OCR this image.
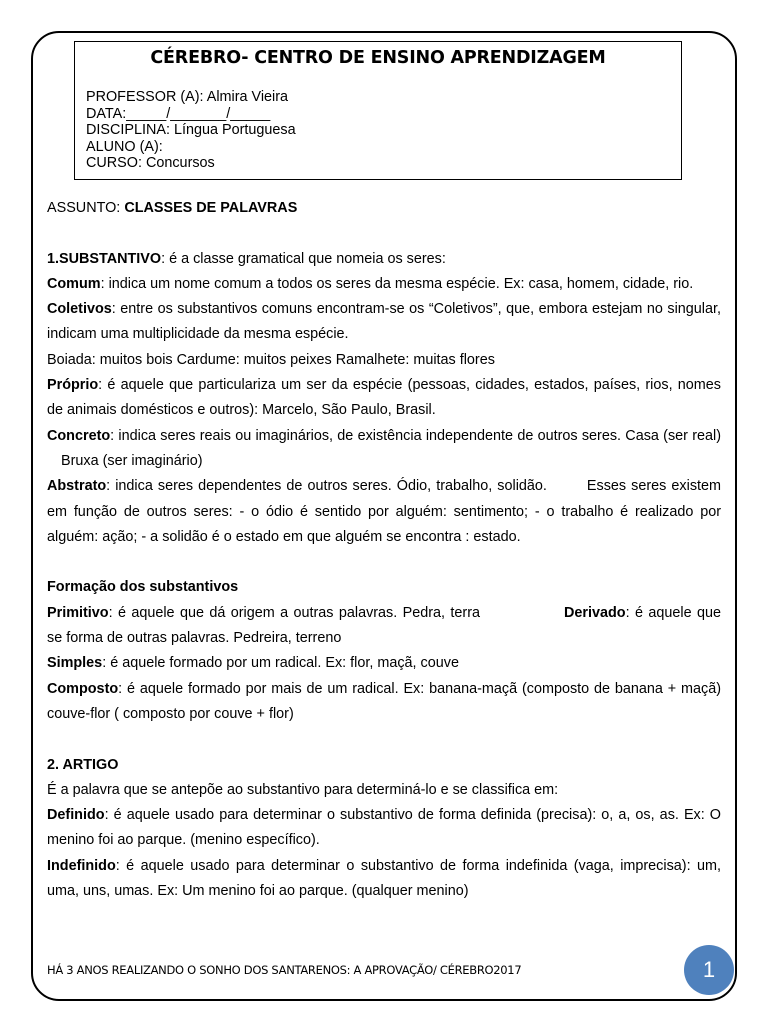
CÉREBRO- CENTRO DE ENSINO APRENDIZAGEM
PROFESSOR (A): Almira Vieira
DATA:_____/_______/_____
DISCIPLINA: Língua Portuguesa
ALUNO (A):
CURSO: Concursos

ASSUNTO: CLASSES DE PALAVRAS

1.SUBSTANTIVO: é a classe gramatical que nomeia os seres:

Comum: indica um nome comum a todos os seres da mesma espécie. Ex: casa, homem, cidade, rio.

Coletivos: entre os substantivos comuns encontram-se os “Coletivos”, que, embora estejam no singular, indicam uma multiplicidade da mesma espécie.

Boiada: muitos bois Cardume: muitos peixes Ramalhete: muitas flores

Próprio: é aquele que particulariza um ser da espécie (pessoas, cidades, estados, países, rios, nomes de animais domésticos e outros): Marcelo, São Paulo, Brasil.

Concreto: indica seres reais ou imaginários, de existência independente de outros seres. Casa (ser real)Bruxa (ser imaginário)

Abstrato: indica seres dependentes de outros seres. Ódio, trabalho, solidão.	Esses seres existem em função de outros seres: - o ódio é sentido por alguém: sentimento; - o trabalho é realizado por alguém: ação; - a solidão é o estado em que alguém se encontra : estado.

Formação dos substantivos

Primitivo: é aquele que dá origem a outras palavras. Pedra, terra	Derivado: é aquele que se forma de outras palavras. Pedreira, terreno

Simples: é aquele formado por um radical. Ex: flor, maçã, couve

Composto: é aquele formado por mais de um radical. Ex: banana-maçã (composto de banana + maçã) couve-flor ( composto por couve + flor)

2. ARTIGO

É a palavra que se antepõe ao substantivo para determiná-lo e se classifica em:

Definido: é aquele usado para determinar o substantivo de forma definida (precisa): o, a, os, as. Ex: O menino foi ao parque. (menino específico).

Indefinido: é aquele usado para determinar o substantivo de forma indefinida (vaga, imprecisa): um, uma, uns, umas. Ex: Um menino foi ao parque. (qualquer menino)

HÁ 3 ANOS REALIZANDO O SONHO DOS SANTARENOS: A APROVAÇÃO/ CÉREBRO2017	1
